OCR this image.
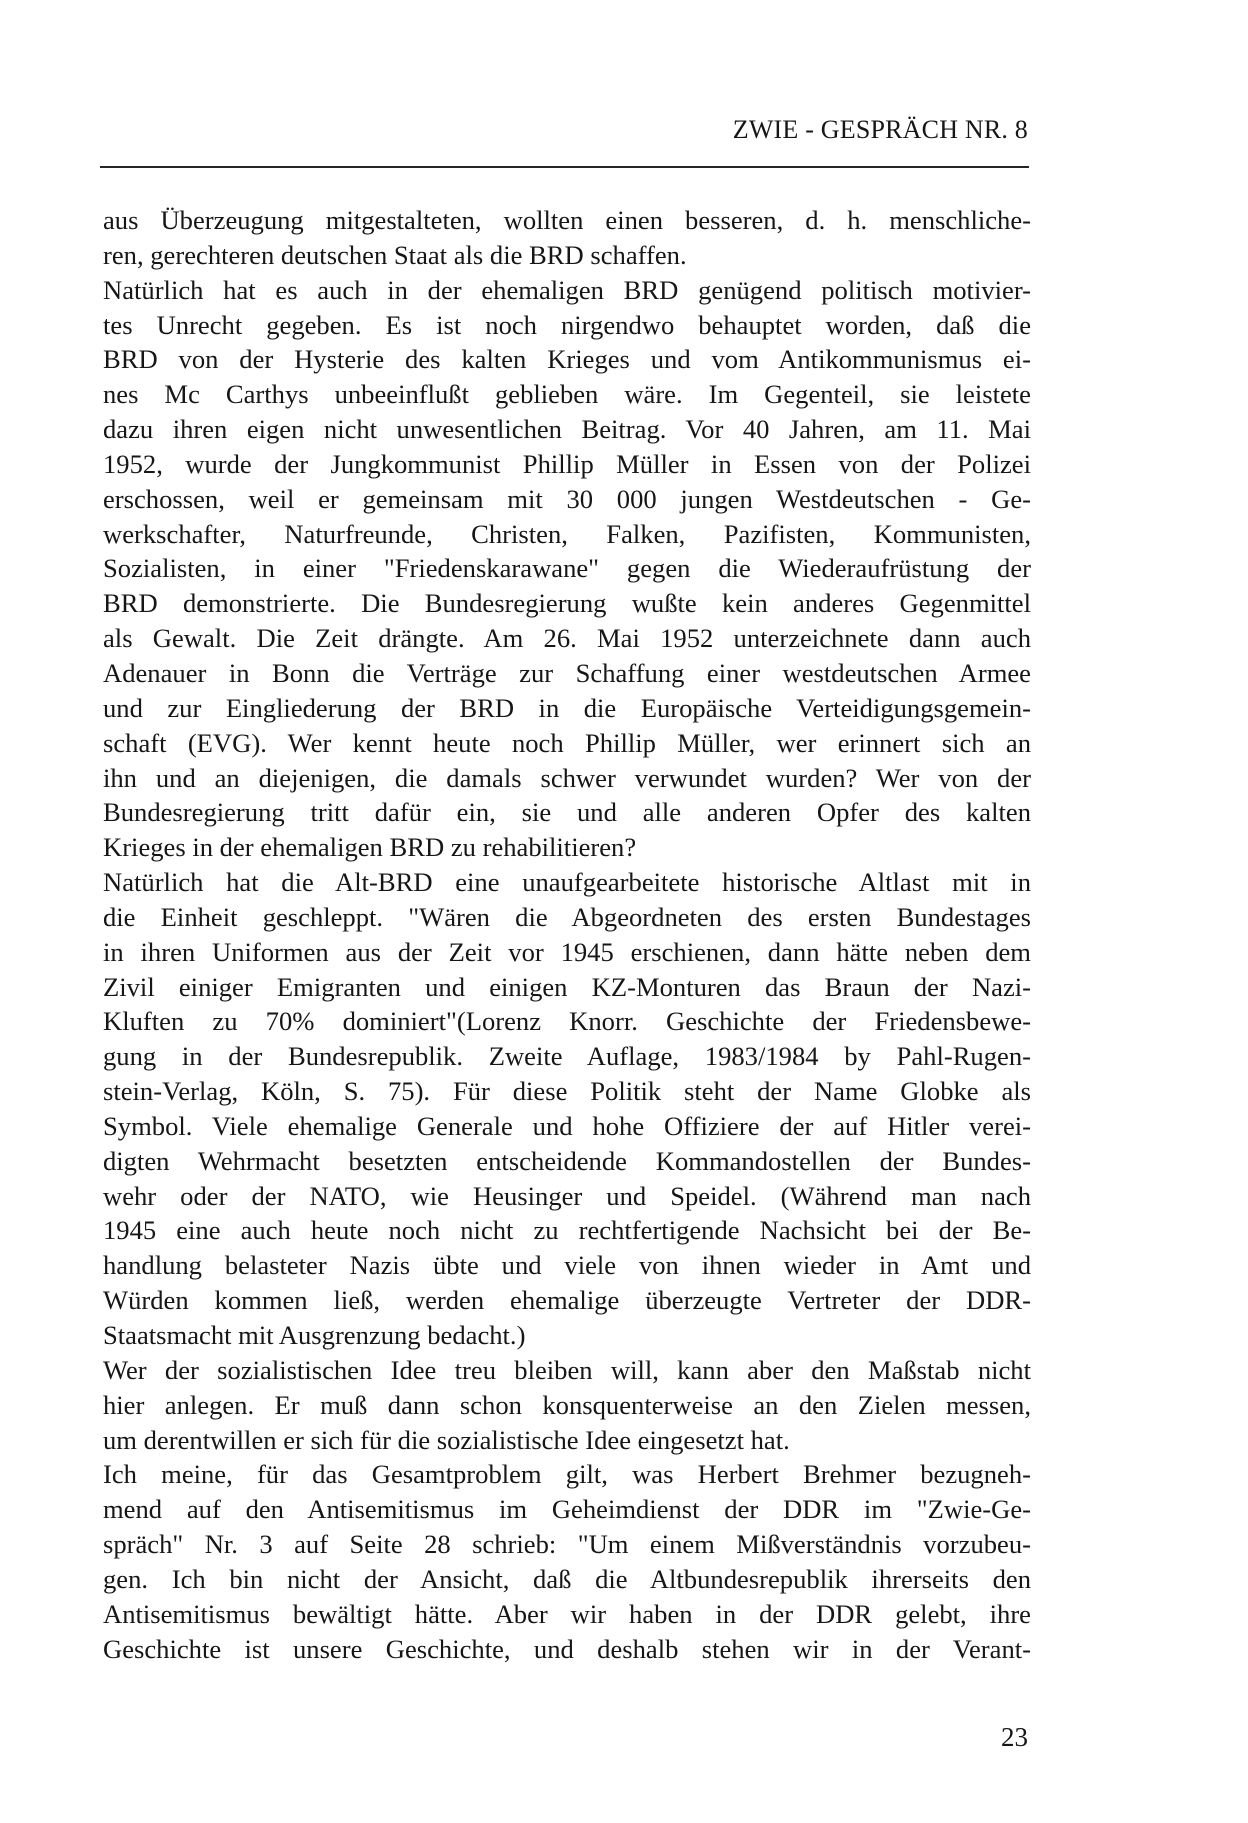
ZWIE - GESPRÄCH NR. 8
aus Überzeugung mitgestalteten, wollten einen besseren, d. h. menschliche-
ren, gerechteren deutschen Staat als die BRD schaffen.
Natürlich hat es auch in der ehemaligen BRD genügend politisch motivier-
tes Unrecht gegeben. Es ist noch nirgendwo behauptet worden, daß die
BRD von der Hysterie des kalten Krieges und vom Antikommunismus ei-
nes Mc Carthys unbeeinflußt geblieben wäre. Im Gegenteil, sie leistete
dazu ihren eigen nicht unwesentlichen Beitrag. Vor 40 Jahren, am 11. Mai
1952, wurde der Jungkommunist Phillip Müller in Essen von der Polizei
erschossen, weil er gemeinsam mit 30 000 jungen Westdeutschen - Ge-
werkschafter, Naturfreunde, Christen, Falken, Pazifisten, Kommunisten,
Sozialisten, in einer "Friedenskarawane" gegen die Wiederaufrüstung der
BRD demonstrierte. Die Bundesregierung wußte kein anderes Gegenmittel
als Gewalt. Die Zeit drängte. Am 26. Mai 1952 unterzeichnete dann auch
Adenauer in Bonn die Verträge zur Schaffung einer westdeutschen Armee
und zur Eingliederung der BRD in die Europäische Verteidigungsgemein-
schaft (EVG). Wer kennt heute noch Phillip Müller, wer erinnert sich an
ihn und an diejenigen, die damals schwer verwundet wurden? Wer von der
Bundesregierung tritt dafür ein, sie und alle anderen Opfer des kalten
Krieges in der ehemaligen BRD zu rehabilitieren?
Natürlich hat die Alt-BRD eine unaufgearbeitete historische Altlast mit in
die Einheit geschleppt. "Wären die Abgeordneten des ersten Bundestages
in ihren Uniformen aus der Zeit vor 1945 erschienen, dann hätte neben dem
Zivil einiger Emigranten und einigen KZ-Monturen das Braun der Nazi-
Kluften zu 70% dominiert"(Lorenz Knorr. Geschichte der Friedensbewe-
gung in der Bundesrepublik. Zweite Auflage, 1983/1984 by Pahl-Rugen-
stein-Verlag, Köln, S. 75). Für diese Politik steht der Name Globke als
Symbol. Viele ehemalige Generale und hohe Offiziere der auf Hitler verei-
digten Wehrmacht besetzten entscheidende Kommandostellen der Bundes-
wehr oder der NATO, wie Heusinger und Speidel. (Während man nach
1945 eine auch heute noch nicht zu rechtfertigende Nachsicht bei der Be-
handlung belasteter Nazis übte und viele von ihnen wieder in Amt und
Würden kommen ließ, werden ehemalige überzeugte Vertreter der DDR-
Staatsmacht mit Ausgrenzung bedacht.)
Wer der sozialistischen Idee treu bleiben will, kann aber den Maßstab nicht
hier anlegen. Er muß dann schon konsquenterweise an den Zielen messen,
um derentwillen er sich für die sozialistische Idee eingesetzt hat.
Ich meine, für das Gesamtproblem gilt, was Herbert Brehmer bezugneh-
mend auf den Antisemitismus im Geheimdienst der DDR im "Zwie-Ge-
spräch" Nr. 3 auf Seite 28 schrieb: "Um einem Mißverständnis vorzubeu-
gen. Ich bin nicht der Ansicht, daß die Altbundesrepublik ihrerseits den
Antisemitismus bewältigt hätte. Aber wir haben in der DDR gelebt, ihre
Geschichte ist unsere Geschichte, und deshalb stehen wir in der Verant-
23
